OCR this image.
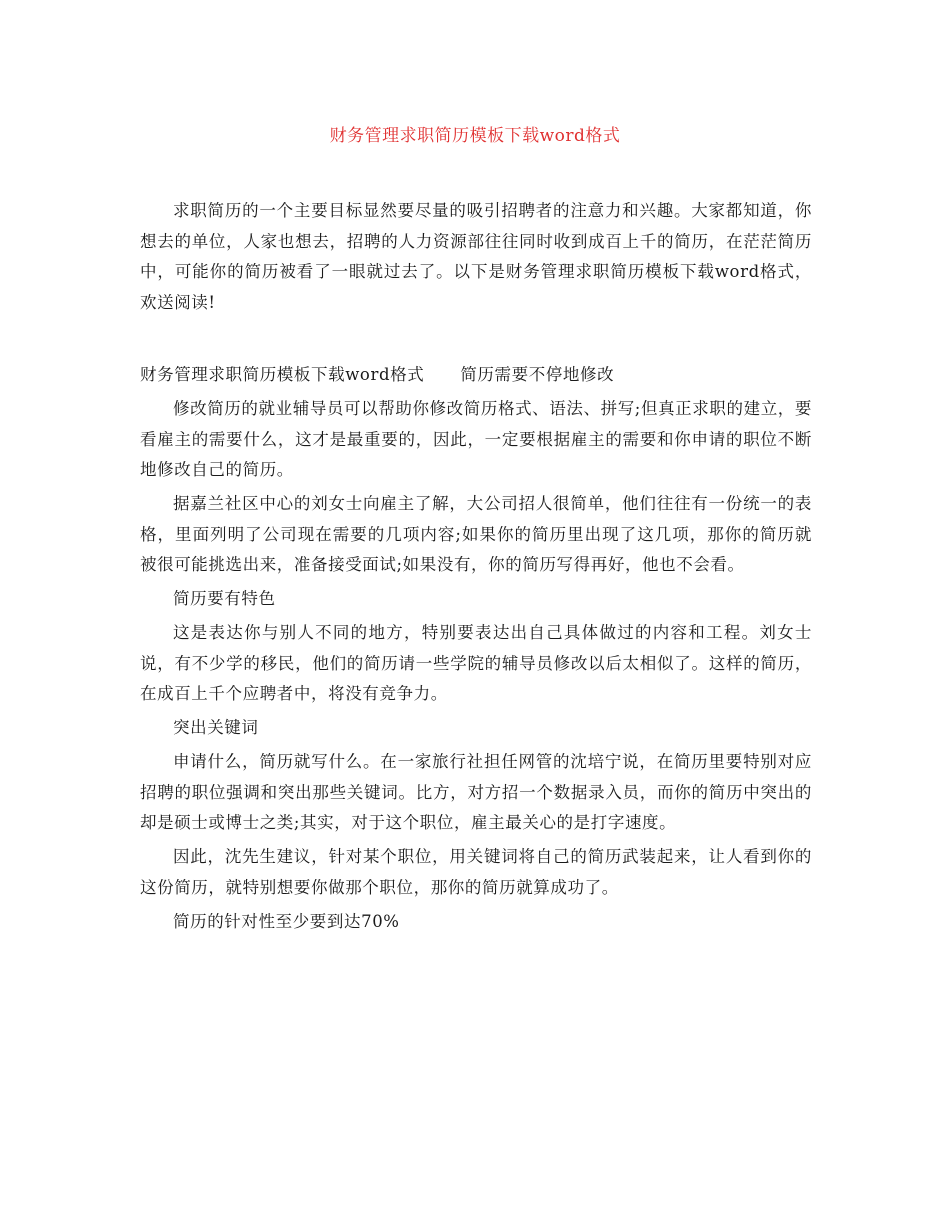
财务管理求职简历模板下载word格式

求职简历的一个主要目标显然要尽量的吸引招聘者的注意力和兴趣。大家都知道，你想去的单位，人家也想去，招聘的人力资源部往往同时收到成百上千的简历，在茫茫简历中，可能你的简历被看了一眼就过去了。以下是财务管理求职简历模板下载word格式，欢送阅读!

财务管理求职简历模板下载word格式 简历需要不停地修改

修改简历的就业辅导员可以帮助你修改简历格式、语法、拼写;但真正求职的建立，要看雇主的需要什么，这才是最重要的，因此，一定要根据雇主的需要和你申请的职位不断地修改自己的简历。

据嘉兰社区中心的刘女士向雇主了解，大公司招人很简单，他们往往有一份统一的表格，里面列明了公司现在需要的几项内容;如果你的简历里出现了这几项，那你的简历就被很可能挑选出来，准备接受面试;如果没有，你的简历写得再好，他也不会看。

简历要有特色

这是表达你与别人不同的地方，特别要表达出自己具体做过的内容和工程。刘女士说，有不少学的移民，他们的简历请一些学院的辅导员修改以后太相似了。这样的简历，在成百上千个应聘者中，将没有竞争力。

突出关键词

申请什么，简历就写什么。在一家旅行社担任网管的沈培宁说，在简历里要特别对应招聘的职位强调和突出那些关键词。比方，对方招一个数据录入员，而你的简历中突出的却是硕士或博士之类;其实，对于这个职位，雇主最关心的是打字速度。

因此，沈先生建议，针对某个职位，用关键词将自己的简历武装起来，让人看到你的这份简历，就特别想要你做那个职位，那你的简历就算成功了。

简历的针对性至少要到达70%
